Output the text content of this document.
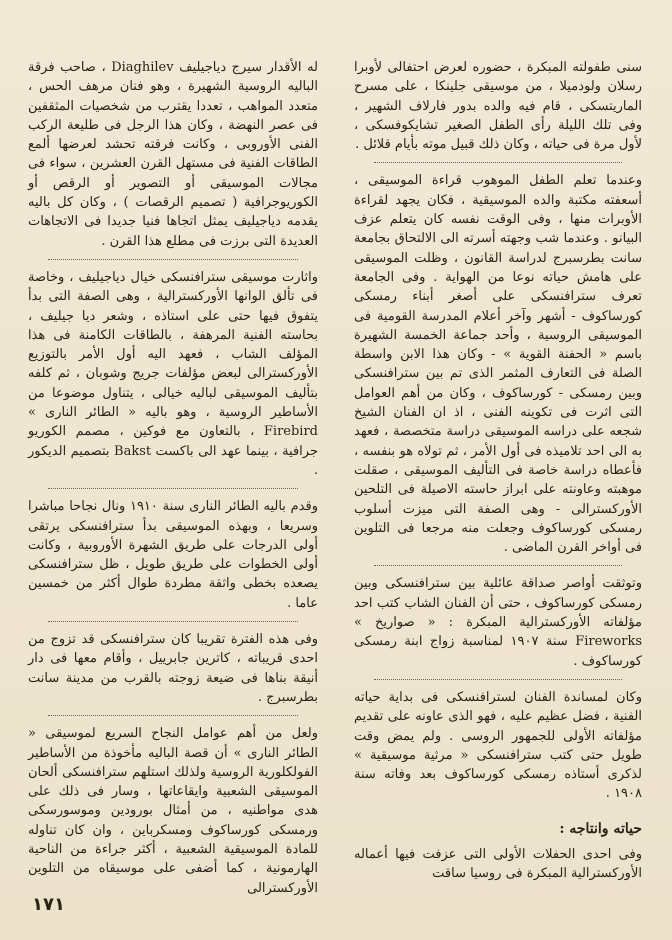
سنى طفولته المبكرة ، حضوره لعرض احتفالى لأوبرا رسلان ولودميلا ، من موسيقى جلينكا ، على مسرح الماريتسكى ، قام فيه والده بدور فارلاف الشهير ، وفى تلك الليلة رأى الطفل الصغير تشايكوفسكى ، لأول مرة فى حياته ، وكان ذلك قبيل موته بأيام قلائل .

وعندما تعلم الطفل الموهوب قراءة الموسيقى ، أسعفته مكتبة والده الموسيقية ، فكان يجهد لقراءة الأوبرات منها ، وفى الوقت نفسه كان يتعلم عزف البيانو . وعندما شب وجهته أسرته الى الالتحاق بجامعة سانت بطرسبرج لدراسة القانون ، وظلت الموسيقى على هامش حياته نوعا من الهواية . وفى الجامعة تعرف سترافنسكى على أصغر أبناء رمسكى كورساكوف - أشهر وآخر أعلام المدرسة القومية فى الموسيقى الروسية ، وأحد جماعة الخمسة الشهيرة باسم « الحفنة القوية » - وكان هذا الابن واسطة الصلة فى التعارف المثمر الذى تم بين سترافنسكى وبين رمسكى - كورساكوف ، وكان من أهم العوامل التى اثرت فى تكوينه الفنى ، اذ ان الفنان الشيخ شجعه على دراسه الموسيقى دراسة متخصصة ، فعهد به الى احد تلاميذه فى أول الأمر ، ثم تولاه هو بنفسه ، فأعطاه دراسة خاصة فى التأليف الموسيقى ، صقلت موهبته وعاونته على ابراز حاسته الاصيلة فى التلحين الأوركسترالى - وهى الصفة التى ميزت أسلوب رمسكى كورساكوف وجعلت منه مرجعا فى التلوين فى أواخر القرن الماضى .

وتوثقت أواصر صداقة عائلية بين سترافنسكى وبين رمسكى كورساكوف ، حتى أن الفنان الشاب كتب احد مؤلفاته الأوركسترالية المبكرة : « صواريخ » Fireworks سنة ١٩٠٧ لمناسبة زواج ابنة رمسكى كورساكوف .

وكان لمساندة الفنان لسترافنسكى فى بداية حياته الفنية ، فضل عظيم عليه ، فهو الذى عاونه على تقديم مؤلفاته الأولى للجمهور الروسى . ولم يمض وقت طويل حتى كتب سترافنسكى « مرثية موسيقية » لذكرى أستاذه رمسكى كورساكوف بعد وفاته سنة ١٩٠٨ .

حياته وانتاجه :

وفى احدى الحفلات الأولى التى عزفت فيها أعماله الأوركسترالية المبكرة فى روسيا ساقت

له الأقدار سيرج دياجيليف Diaghilev ، صاحب فرقة الباليه الروسية الشهيرة ، وهو فنان مرهف الحس ، متعدد المواهب ، تعددا يقترب من شخصيات المثقفين فى عصر النهضة ، وكان هذا الرجل فى طليعة الركب الفنى الأوروبى ، وكانت فرقته تحشد لعرضها ألمع الطاقات الفنية فى مستهل القرن العشرين ، سواء فى مجالات الموسيقى أو التصوير أو الرقص أو الكوريوجرافية ( تصميم الرقصات ) ، وكان كل باليه يقدمه دياجيليف يمثل اتجاها فنيا جديدا فى الاتجاهات العديدة التى برزت فى مطلع هذا القرن .

واثارت موسيقى سترافنسكى خيال دياجيليف ، وخاصة فى تألق الوانها الأوركسترالية ، وهى الصفة التى بدأ يتفوق فيها حتى على استاذه ، وشعر ديا جيليف ، بحاسته الفنية المرهفة ، بالطاقات الكامنة فى هذا المؤلف الشاب ، فعهد اليه أول الأمر بالتوزيع الأوركسترالى لبعض مؤلفات جريج وشوبان ، ثم كلفه بتأليف الموسيقى لباليه خيالى ، يتناول موضوعا من الأساطير الروسية ، وهو باليه « الطائر النارى » Firebird ، بالتعاون مع فوكين ، مصمم الكوريو جرافية ، بينما عهد الى باكست Bakst بتصميم الديكور .

وقدم باليه الطائر النارى سنة ١٩١٠ ونال نجاحا مباشرا وسريعا ، وبهذه الموسيقى بدأ سترافنسكى يرتقى أولى الدرجات على طريق الشهرة الأوروبية ، وكانت أولى الخطوات على طريق طويل ، ظل سترافنسكى يصعده بخطى واثقة مطردة طوال أكثر من خمسين عاما .

وفى هذه الفترة تقريبا كان سترافنسكى قد تزوج من احدى قريباته ، كاترين جابرييل ، وأقام معها فى دار أنيقة بناها فى ضيعة زوجته بالقرب من مدينة سانت بطرسبرج .

ولعل من أهم عوامل النجاح السريع لموسيقى « الطائر النارى » أن قصة الباليه مأخوذة من الأساطير الفولكلورية الروسية ولذلك استلهم سترافنسكى ألحان الموسيقى الشعبية وايقاعاتها ، وسار فى ذلك على هدى مواطنيه ، من أمثال بورودين وموسورسكى ورمسكى كورساكوف ومسكرباين ، وان كان تناوله للمادة الموسيقية الشعبية ، أكثر جراءة من الناحية الهارمونية ، كما أضفى على موسيقاه من التلوين الأوركسترالى

١٧١
